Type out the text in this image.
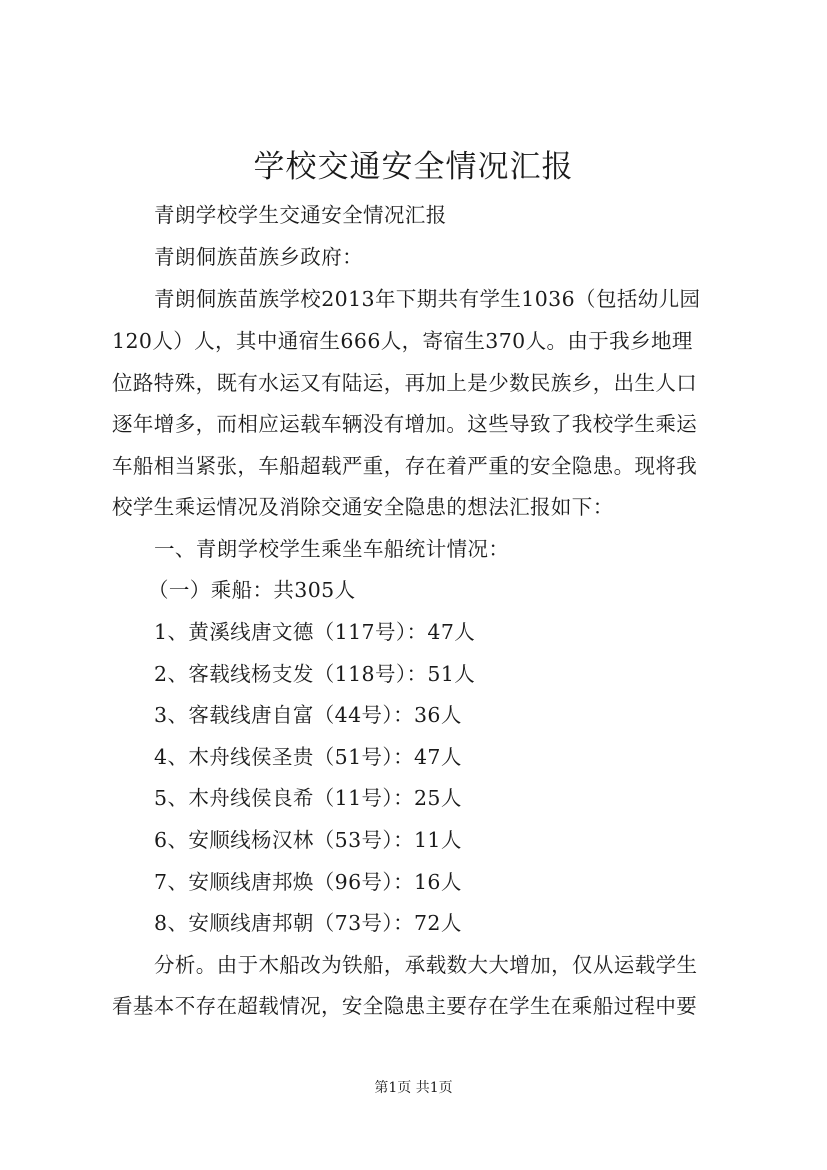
学校交通安全情况汇报
青朗学校学生交通安全情况汇报
青朗侗族苗族乡政府：
青朗侗族苗族学校2013年下期共有学生1036（包括幼儿园
120人）人，其中通宿生666人，寄宿生370人。由于我乡地理
位路特殊，既有水运又有陆运，再加上是少数民族乡，出生人口
逐年增多，而相应运载车辆没有增加。这些导致了我校学生乘运
车船相当紧张，车船超载严重，存在着严重的安全隐患。现将我
校学生乘运情况及消除交通安全隐患的想法汇报如下：
一、青朗学校学生乘坐车船统计情况：
（一）乘船：共305人
1、黄溪线唐文德（117号）：47人
2、客载线杨支发（118号）：51人
3、客载线唐自富（44号）：36人
4、木舟线侯圣贵（51号）：47人
5、木舟线侯良希（11号）：25人
6、安顺线杨汉林（53号）：11人
7、安顺线唐邦焕（96号）：16人
8、安顺线唐邦朝（73号）：72人
分析。由于木船改为铁船，承载数大大增加，仅从运载学生
看基本不存在超载情况，安全隐患主要存在学生在乘船过程中要
第1页 共1页
